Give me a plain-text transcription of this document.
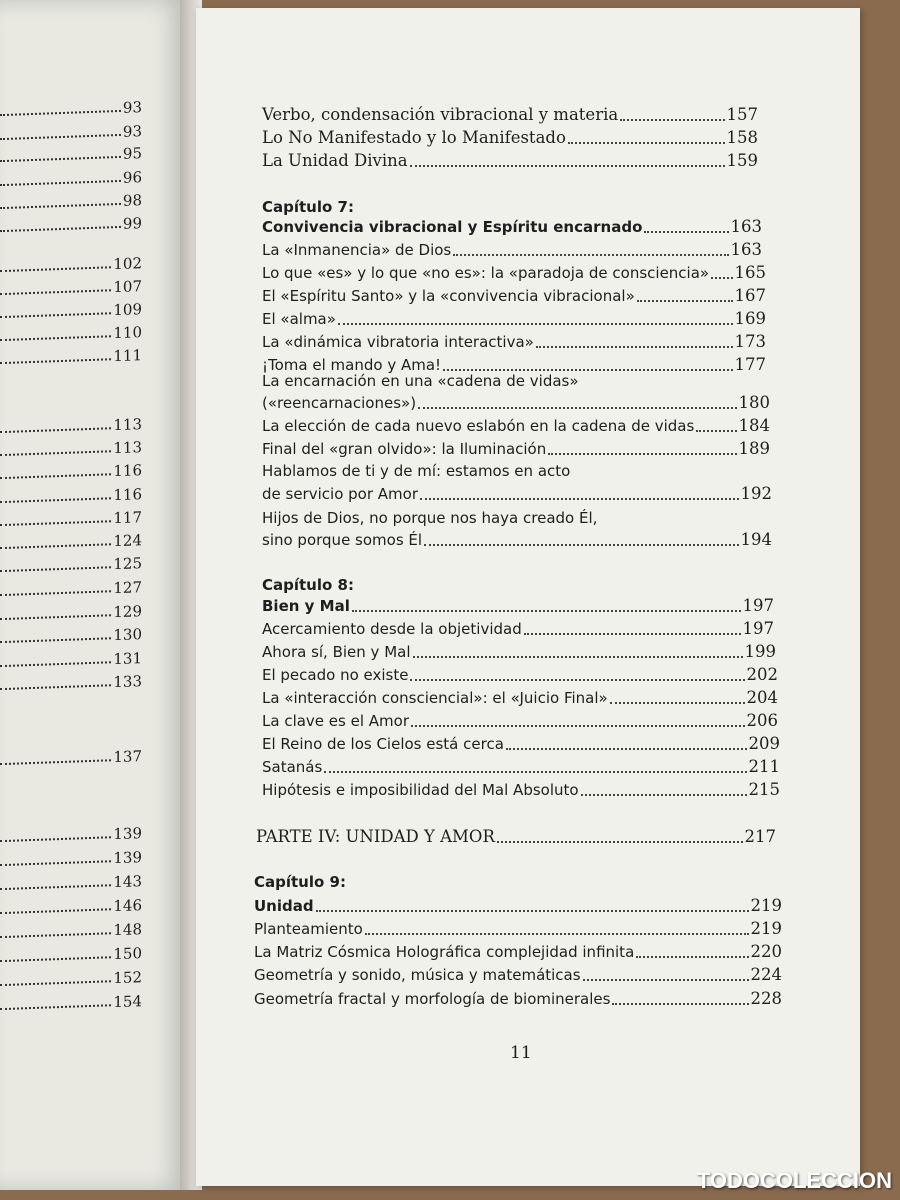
93
93
95
96
98
99
102
107
109
110
111
113
113
116
116
117
124
125
127
129
130
131
133
137
139
139
143
146
148
150
152
154
Verbo, condensación vibracional y materia	157
Lo No Manifestado y lo Manifestado	158
La Unidad Divina	159
Capítulo 7:
Convivencia vibracional y Espíritu encarnado	163
La «Inmanencia» de Dios	163
Lo que «es» y lo que «no es»: la «paradoja de consciencia» 165
El «Espíritu Santo» y la «convivencia vibracional»	167
El «alma»	169
La «dinámica vibratoria interactiva»	173
¡Toma el mando y Ama!	177
La encarnación en una «cadena de vidas»
(«reencarnaciones»)	180
La elección de cada nuevo eslabón en la cadena de vidas	184
Final del «gran olvido»: la Iluminación	189
Hablamos de ti y de mí: estamos en acto
de servicio por Amor	192
Hijos de Dios, no porque nos haya creado Él,
sino porque somos Él	194
Capítulo 8:
Bien y Mal	197
Acercamiento desde la objetividad	197
Ahora sí, Bien y Mal	199
El pecado no existe	202
La «interacción consciencial»: el «Juicio Final»	204
La clave es el Amor	206
El Reino de los Cielos está cerca	209
Satanás	211
Hipótesis e imposibilidad del Mal Absoluto	215
PARTE IV: UNIDAD Y AMOR	217
Capítulo 9:
Unidad	219
Planteamiento	219
La Matriz Cósmica Holográfica complejidad infinita	220
Geometría y sonido, música y matemáticas	224
Geometría fractal y morfología de biominerales	228
11
TODOCOLECCION
